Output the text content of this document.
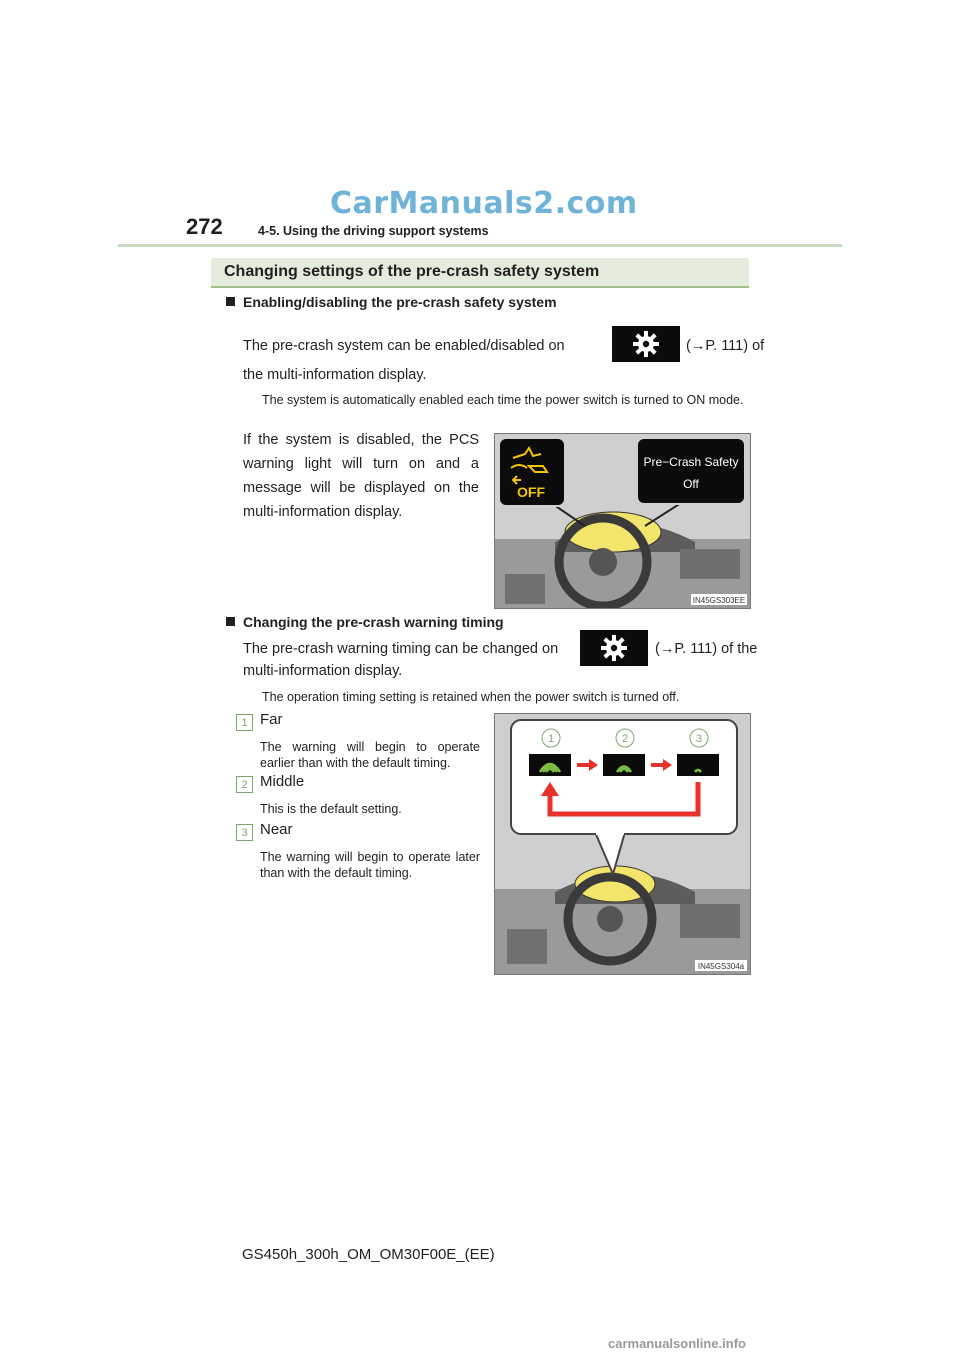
CarManuals2.com
272	4-5. Using the driving support systems
Changing settings of the pre-crash safety system
Enabling/disabling the pre-crash safety system
The pre-crash system can be enabled/disabled on	(→P. 111) of
the multi-information display.
The system is automatically enabled each time the power switch is turned to ON mode.
If the system is disabled, the PCS warning light will turn on and a message will be displayed on the multi-information display.
Pre−Crash Safety
Off
OFF
IN45GS303EE
Changing the pre-crash warning timing
The pre-crash warning timing can be changed on	(→P. 111) of the
multi-information display.
The operation timing setting is retained when the power switch is turned off.
1 Far
The warning will begin to operate earlier than with the default timing.
2 Middle
This is the default setting.
3 Near
The warning will begin to operate later than with the default timing.
1	2	3
IN45GS304a
GS450h_300h_OM_OM30F00E_(EE)
carmanualsonline.info
